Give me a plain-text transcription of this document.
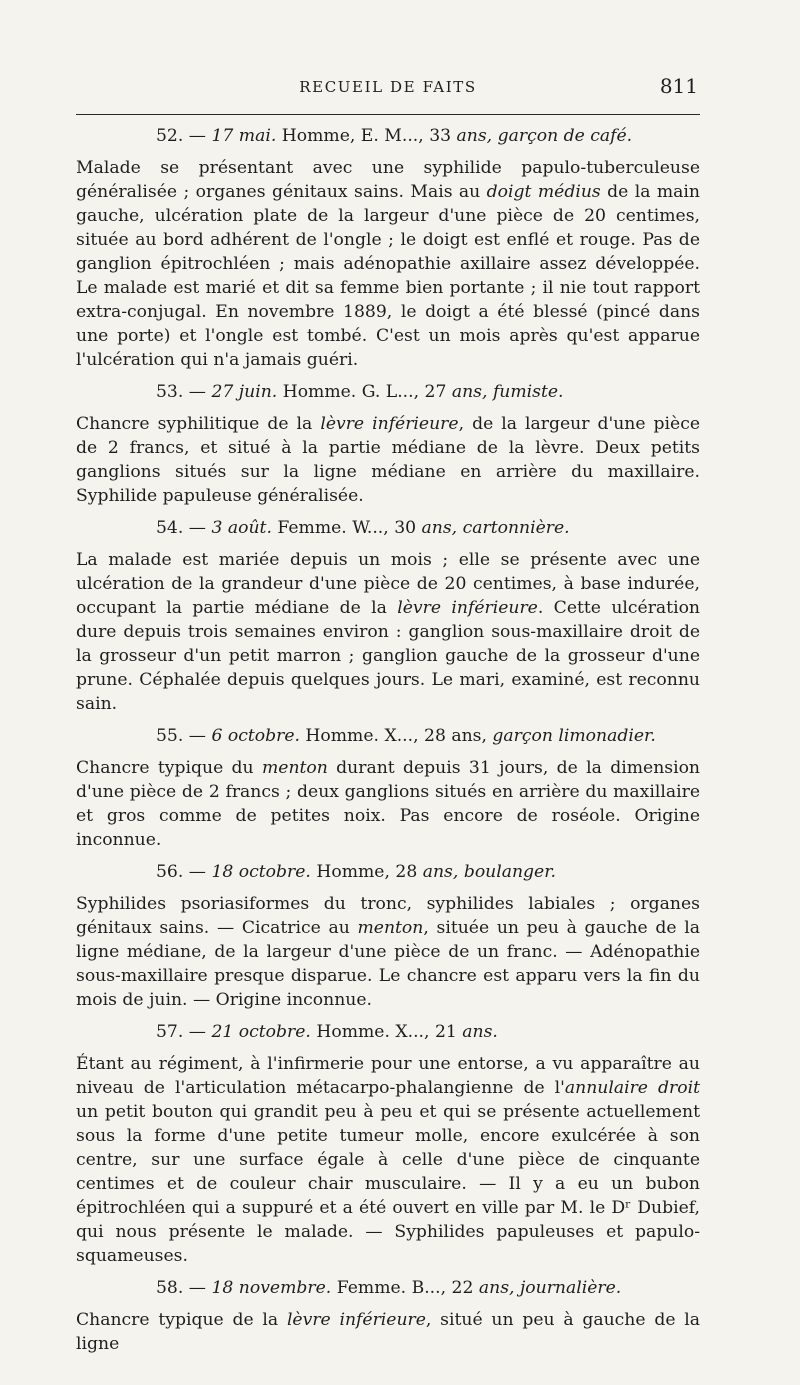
RECUEIL DE FAITS	811

52. — 17 mai. Homme, E. M..., 33 ans, garçon de café.

Malade se présentant avec une syphilide papulo-tuberculeuse généralisée ; organes génitaux sains. Mais au doigt médius de la main gauche, ulcération plate de la largeur d'une pièce de 20 centimes, située au bord adhérent de l'ongle ; le doigt est enflé et rouge. Pas de ganglion épitrochléen ; mais adénopathie axillaire assez développée. Le malade est marié et dit sa femme bien portante ; il nie tout rapport extra-conjugal. En novembre 1889, le doigt a été blessé (pincé dans une porte) et l'ongle est tombé. C'est un mois après qu'est apparue l'ulcération qui n'a jamais guéri.

53. — 27 juin. Homme. G. L..., 27 ans, fumiste.

Chancre syphilitique de la lèvre inférieure, de la largeur d'une pièce de 2 francs, et situé à la partie médiane de la lèvre. Deux petits ganglions situés sur la ligne médiane en arrière du maxillaire. Syphilide papuleuse généralisée.

54. — 3 août. Femme. W..., 30 ans, cartonnière.

La malade est mariée depuis un mois ; elle se présente avec une ulcération de la grandeur d'une pièce de 20 centimes, à base indurée, occupant la partie médiane de la lèvre inférieure. Cette ulcération dure depuis trois semaines environ : ganglion sous-maxillaire droit de la grosseur d'un petit marron ; ganglion gauche de la grosseur d'une prune. Céphalée depuis quelques jours. Le mari, examiné, est reconnu sain.

55. — 6 octobre. Homme. X..., 28 ans, garçon limonadier.

Chancre typique du menton durant depuis 31 jours, de la dimension d'une pièce de 2 francs ; deux ganglions situés en arrière du maxillaire et gros comme de petites noix. Pas encore de roséole. Origine inconnue.

56. — 18 octobre. Homme, 28 ans, boulanger.

Syphilides psoriasiformes du tronc, syphilides labiales ; organes génitaux sains. — Cicatrice au menton, située un peu à gauche de la ligne médiane, de la largeur d'une pièce de un franc. — Adénopathie sous-maxillaire presque disparue. Le chancre est apparu vers la fin du mois de juin. — Origine inconnue.

57. — 21 octobre. Homme. X..., 21 ans.

Étant au régiment, à l'infirmerie pour une entorse, a vu apparaître au niveau de l'articulation métacarpo-phalangienne de l'annulaire droit un petit bouton qui grandit peu à peu et qui se présente actuellement sous la forme d'une petite tumeur molle, encore exulcérée à son centre, sur une surface égale à celle d'une pièce de cinquante centimes et de couleur chair musculaire. — Il y a eu un bubon épitrochléen qui a suppuré et a été ouvert en ville par M. le Dʳ Dubief, qui nous présente le malade. — Syphilides papuleuses et papulo-squameuses.

58. — 18 novembre. Femme. B..., 22 ans, journalière.

Chancre typique de la lèvre inférieure, situé un peu à gauche de la ligne
